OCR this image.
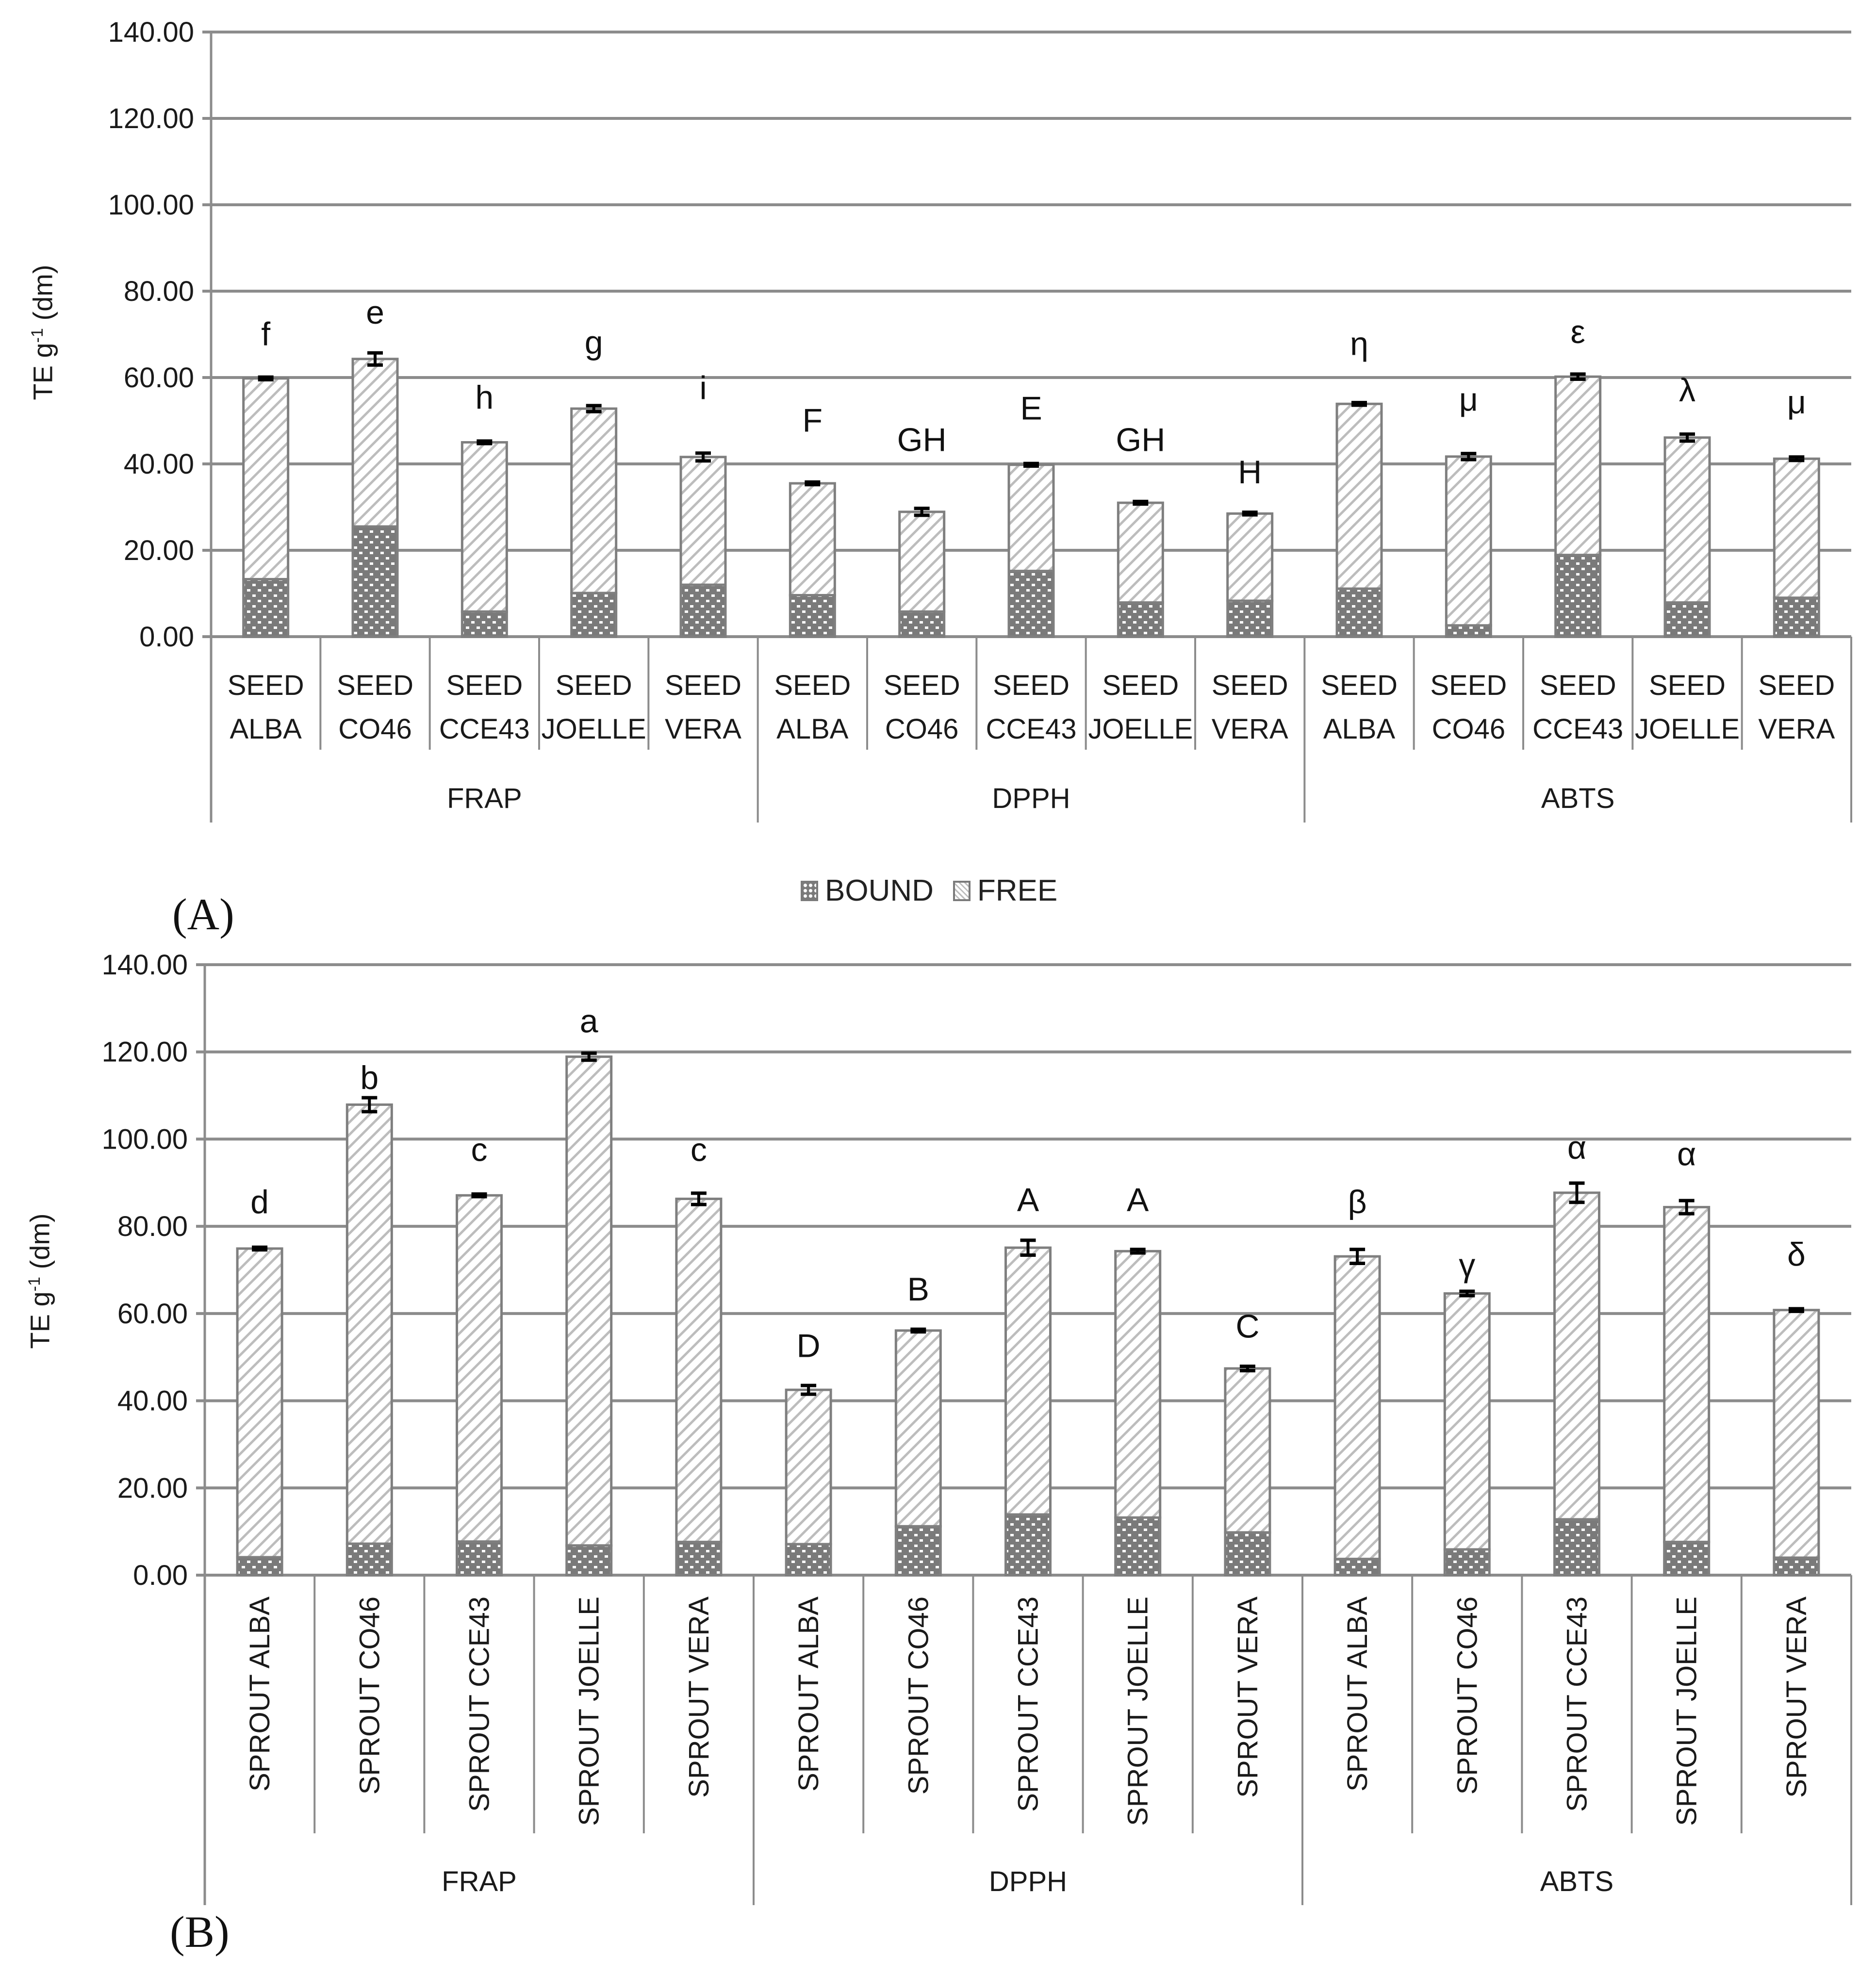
0.00
20.00
40.00
60.00
80.00
100.00
120.00
140.00
FRAP	DPPH	ABTS
f
SEED
ALBA
e
SEED
CO46
h
SEED
CCE43
g
SEED
JOELLE
i
SEED
VERA
F
SEED
ALBA
GH
SEED
CO46
E
SEED
CCE43
GH
SEED
JOELLE
H
SEED
VERA
η
SEED
ALBA
μ
SEED
CO46
ε
SEED
CCE43
λ
SEED
JOELLE
μ
SEED
VERA
0.00
20.00
40.00
60.00
80.00
100.00
120.00
140.00
FRAP	DPPH	ABTS
d
SPROUT ALBA
b
SPROUT CO46
c
SPROUT CCE43
a
SPROUT JOELLE
c
SPROUT VERA
D
SPROUT ALBA
B
SPROUT CO46
A
SPROUT CCE43
A
SPROUT JOELLE
C
SPROUT VERA
β
SPROUT ALBA
γ
SPROUT CO46
α
SPROUT CCE43
α
SPROUT JOELLE
δ
SPROUT VERA
TE $g^{-1}$ (dm)
TE $g^{-1}$ (dm)
(A)	BOUND FREE
(B)
